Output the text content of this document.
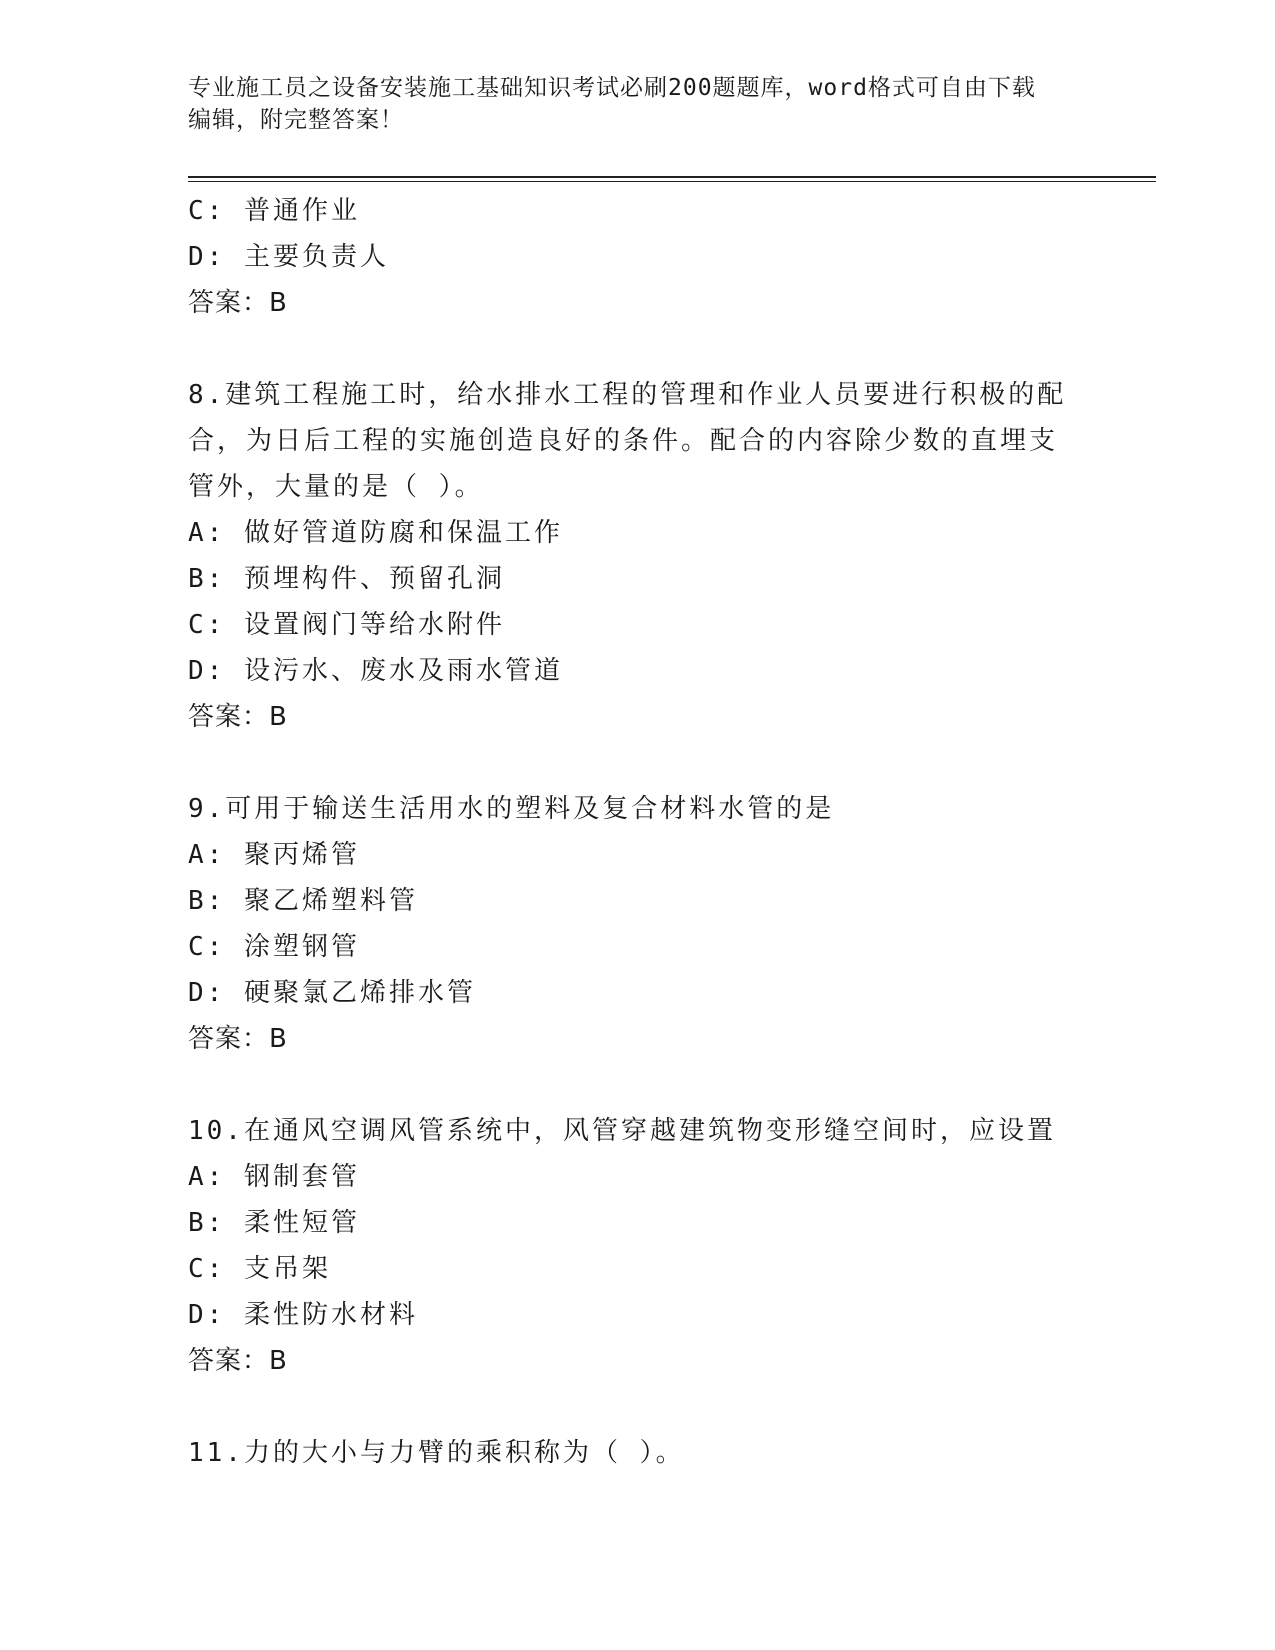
专业施工员之设备安装施工基础知识考试必刷200题题库，word格式可自由下载
编辑，附完整答案！
C: 普通作业
D: 主要负责人
答案：B
8.建筑工程施工时，给水排水工程的管理和作业人员要进行积极的配合，为日后工程的实施创造良好的条件。配合的内容除少数的直埋支管外，大量的是（ ）。
A: 做好管道防腐和保温工作
B: 预埋构件、预留孔洞
C: 设置阀门等给水附件
D: 设污水、废水及雨水管道
答案：B
9.可用于输送生活用水的塑料及复合材料水管的是
A: 聚丙烯管
B: 聚乙烯塑料管
C: 涂塑钢管
D: 硬聚氯乙烯排水管
答案：B
10.在通风空调风管系统中，风管穿越建筑物变形缝空间时，应设置
A: 钢制套管
B: 柔性短管
C: 支吊架
D: 柔性防水材料
答案：B
11.力的大小与力臂的乘积称为（ ）。
